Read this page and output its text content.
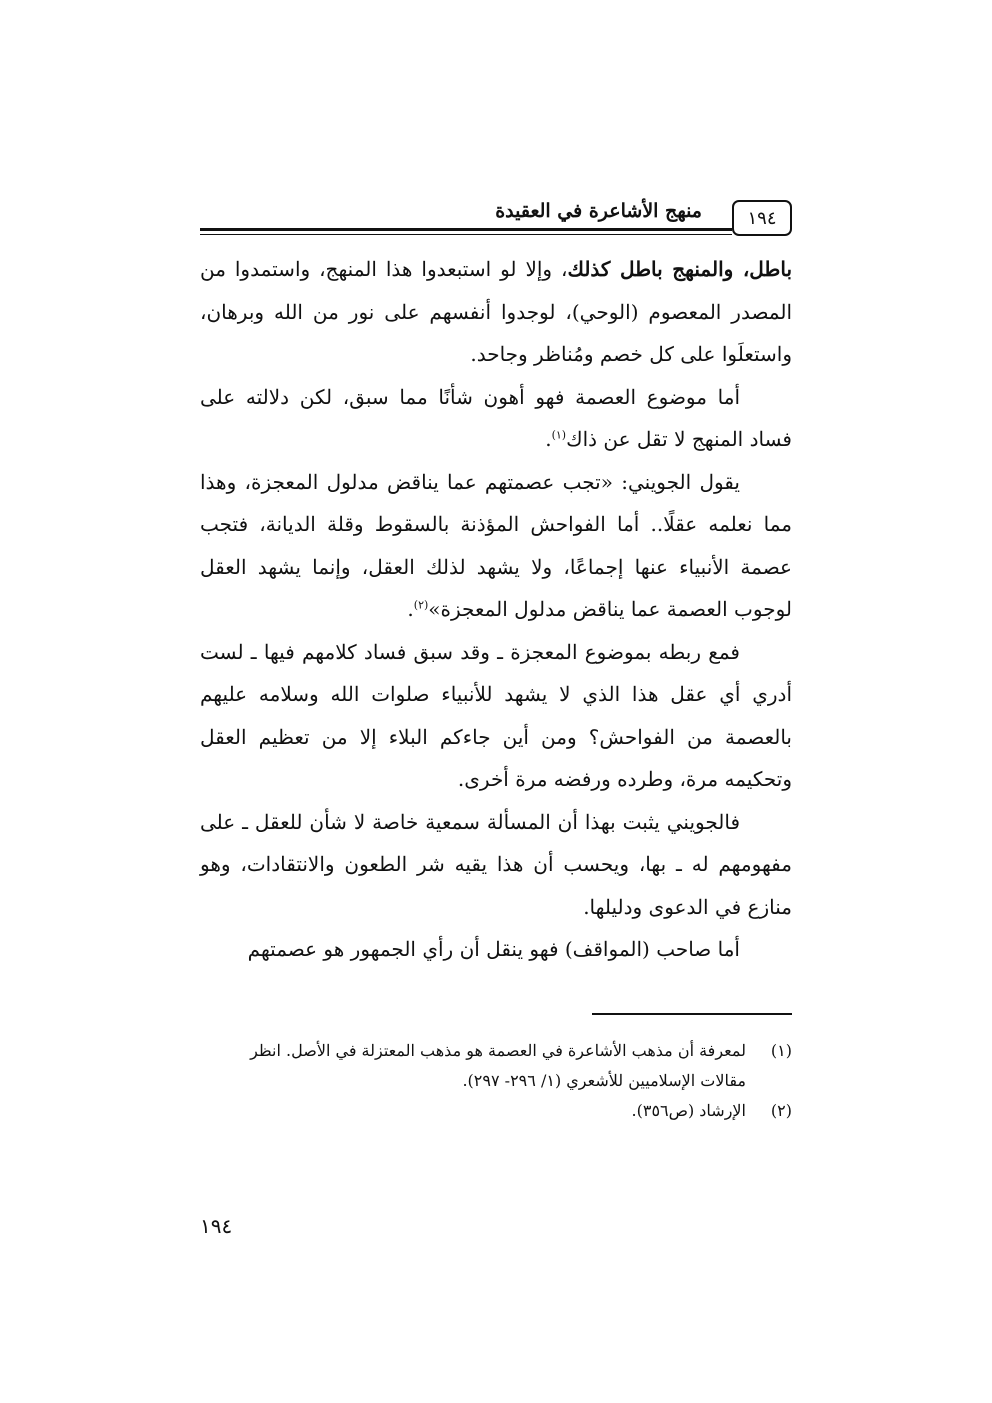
منهج الأشاعرة في العقيدة	١٩٤

باطل، والمنهج باطل كذلك، وإلا لو استبعدوا هذا المنهج، واستمدوا من المصدر المعصوم (الوحي)، لوجدوا أنفسهم على نور من الله وبرهان، واستعلَوا على كل خصم ومُناظر وجاحد.

أما موضوع العصمة فهو أهون شأنًا مما سبق، لكن دلالته على فساد المنهج لا تقل عن ذاك$^{(١)}$.

يقول الجويني: «تجب عصمتهم عما يناقض مدلول المعجزة، وهذا مما نعلمه عقلًا.. أما الفواحش المؤذنة بالسقوط وقلة الديانة، فتجب عصمة الأنبياء عنها إجماعًا، ولا يشهد لذلك العقل، وإنما يشهد العقل لوجوب العصمة عما يناقض مدلول المعجزة»$^{(٢)}$.

فمع ربطه بموضوع المعجزة ـ وقد سبق فساد كلامهم فيها ـ لست أدري أي عقل هذا الذي لا يشهد للأنبياء صلوات الله وسلامه عليهم بالعصمة من الفواحش؟ ومن أين جاءكم البلاء إلا من تعظيم العقل وتحكيمه مرة، وطرده ورفضه مرة أخرى.

فالجويني يثبت بهذا أن المسألة سمعية خاصة لا شأن للعقل ـ على مفهومهم له ـ بها، ويحسب أن هذا يقيه شر الطعون والانتقادات، وهو منازع في الدعوى ودليلها.

أما صاحب (المواقف) فهو ينقل أن رأي الجمهور هو عصمتهم

(١)
لمعرفة أن مذهب الأشاعرة في العصمة هو مذهب المعتزلة في الأصل. انظر مقالات الإسلاميين للأشعري (١/ ٢٩٦- ٢٩٧).
(٢)
الإرشاد (ص٣٥٦).
١٩٤
